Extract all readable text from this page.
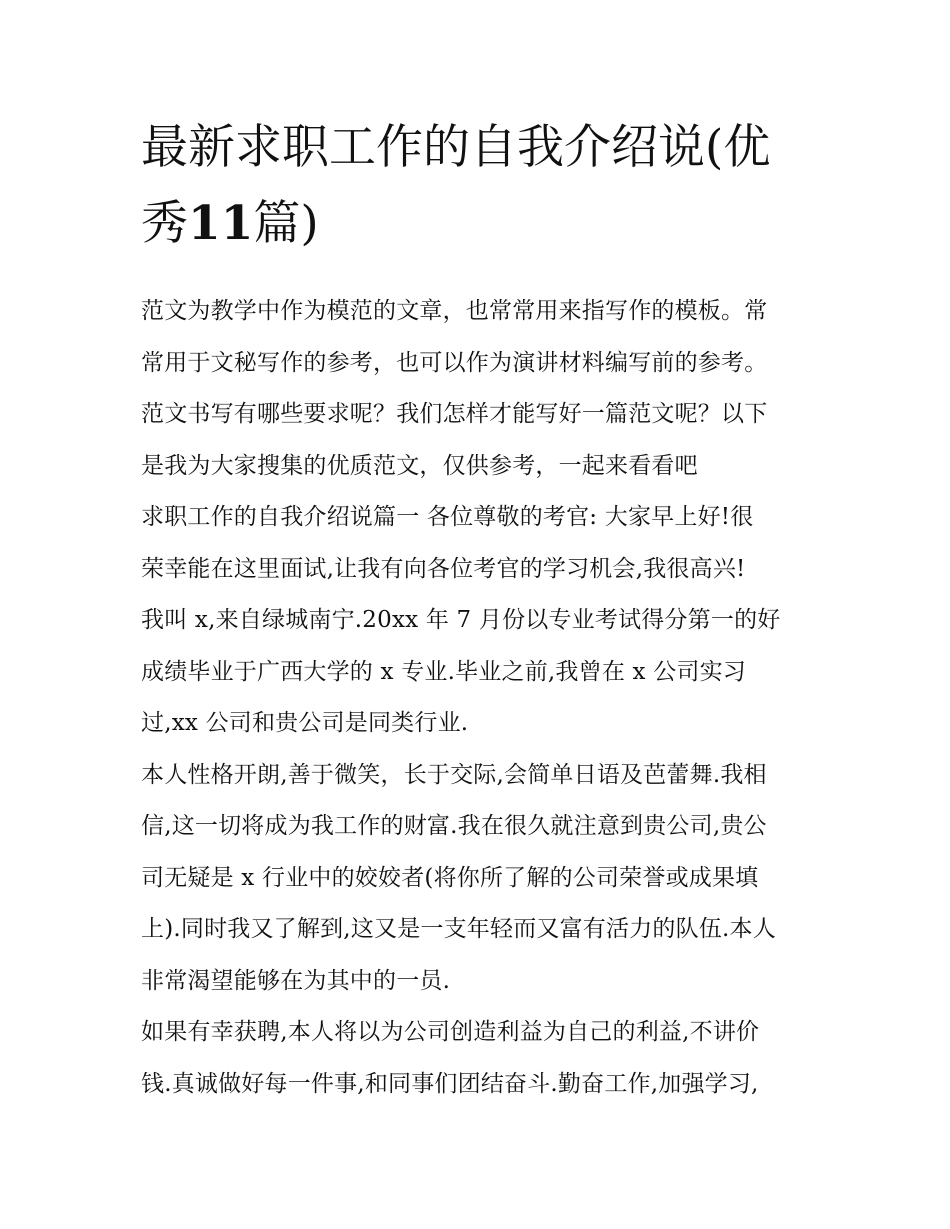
最新求职工作的自我介绍说(优
秀11篇)

范文为教学中作为模范的文章，也常常用来指写作的模板。常
常用于文秘写作的参考，也可以作为演讲材料编写前的参考。
范文书写有哪些要求呢？我们怎样才能写好一篇范文呢？以下
是我为大家搜集的优质范文，仅供参考，一起来看看吧

求职工作的自我介绍说篇一 各位尊敬的考官: 大家早上好!很
荣幸能在这里面试,让我有向各位考官的学习机会,我很高兴!
我叫 x,来自绿城南宁.20xx 年 7 月份以专业考试得分第一的好
成绩毕业于广西大学的 x 专业.毕业之前,我曾在 x 公司实习
过,xx 公司和贵公司是同类行业.

本人性格开朗,善于微笑，长于交际,会简单日语及芭蕾舞.我相
信,这一切将成为我工作的财富.我在很久就注意到贵公司,贵公
司无疑是 x 行业中的姣姣者(将你所了解的公司荣誉或成果填
上).同时我又了解到,这又是一支年轻而又富有活力的队伍.本人
非常渴望能够在为其中的一员.

如果有幸获聘,本人将以为公司创造利益为自己的利益,不讲价
钱.真诚做好每一件事,和同事们团结奋斗.勤奋工作,加强学习,
